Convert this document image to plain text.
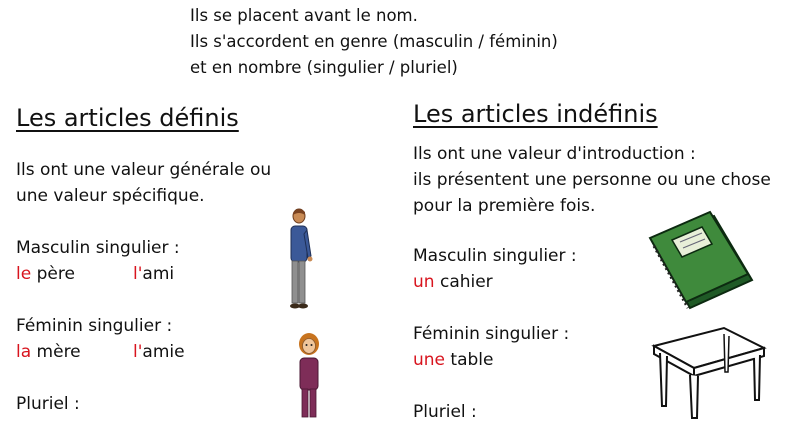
Ils se placent avant le nom.
Ils s'accordent en genre (masculin / féminin)
et en nombre (singulier / pluriel)
Les articles définis
Ils ont une valeur générale ou
une valeur spécifique.
Masculin singulier :
le père	l'ami
Féminin singulier :
la mère	l'amie
Pluriel :
Les articles indéfinis
Ils ont une valeur d'introduction :
ils présentent une personne ou une chose
pour la première fois.
Masculin singulier :
un cahier
Féminin singulier :
une table
Pluriel :
